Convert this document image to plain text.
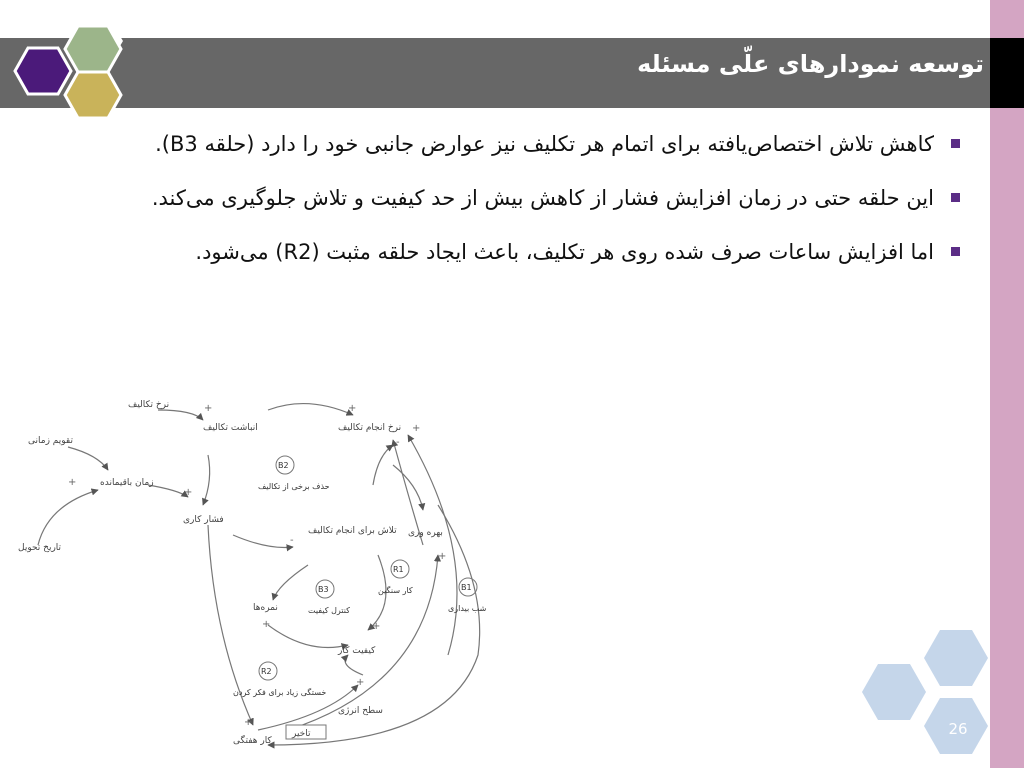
توسعه نمودارهای علّی مسئله
کاهش تلاش اختصاص‌یافته برای اتمام هر تکلیف نیز عوارض جانبی خود را دارد (حلقه B3).
این حلقه حتی در زمان افزایش فشار از کاهش بیش از حد کیفیت و تلاش جلوگیری می‌کند.
اما افزایش ساعات صرف شده روی هر تکلیف، باعث ایجاد حلقه مثبت (R2) می‌شود.
+	+
-
+
+
-
+
+	+
+
+
+
نرخ تکالیف
انباشت تکالیف	نرخ انجام تکالیف
تقویم زمانی
زمان باقیمانده
تاریخ تحویل
فشار کاری
تلاش برای انجام تکالیف بهره وری
نمره‌ها
کیفیت کار
سطح انرژی
کار هفتگی
تاخیر
B2
B3
R1
R2
B1
حذف برخی از تکالیف
کنترل کیفیت
کار سنگین
خستگی زیاد برای فکر کردن
شب بیداری
26
